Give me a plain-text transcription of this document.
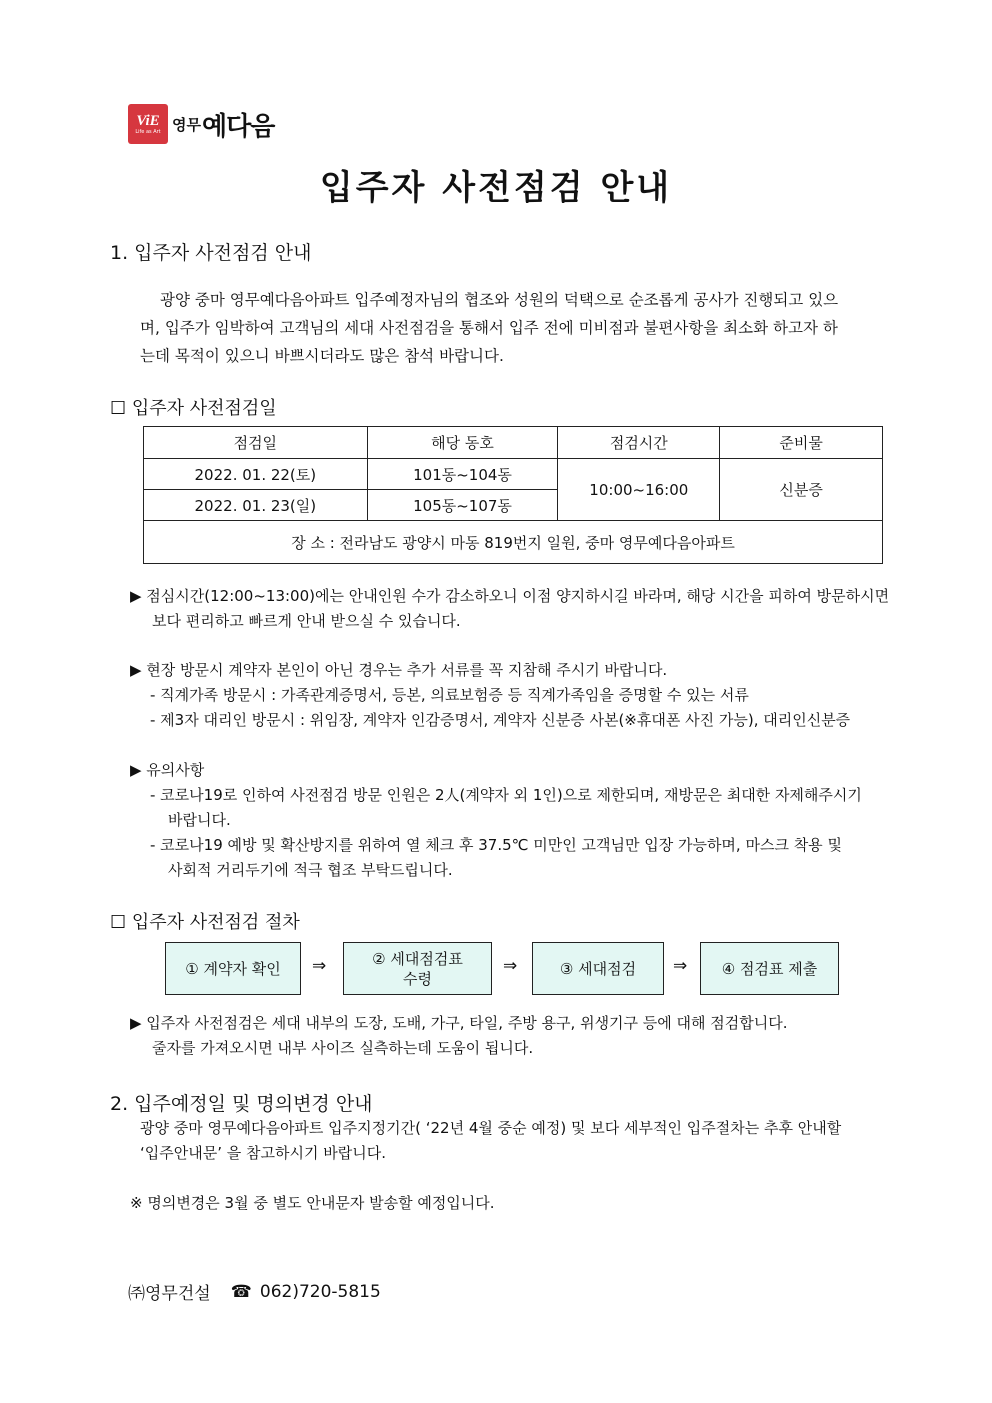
ViE
Life as Art 영무 예다음
입주자 사전점검 안내
1. 입주자 사전점검 안내
광양 중마 영무예다음아파트 입주예정자님의 협조와 성원의 덕택으로 순조롭게 공사가 진행되고 있으
며, 입주가 임박하여 고객님의 세대 사전점검을 통해서 입주 전에 미비점과 불편사항을 최소화 하고자 하
는데 목적이 있으니 바쁘시더라도 많은 참석 바랍니다.
☐ 입주자 사전점검일
점검일	해당 동호	점검시간	준비물
2022. 01. 22(토)	101동~104동	10:00~16:00	신분증
2022. 01. 23(일)	105동~107동		
장 소 : 전라남도 광양시 마동 819번지 일원, 중마 영무예다음아파트			
▶ 점심시간(12:00~13:00)에는 안내인원 수가 감소하오니 이점 양지하시길 바라며, 해당 시간을 피하여 방문하시면
보다 편리하고 빠르게 안내 받으실 수 있습니다.
▶ 현장 방문시 계약자 본인이 아닌 경우는 추가 서류를 꼭 지참해 주시기 바랍니다.
- 직계가족 방문시 : 가족관계증명서, 등본, 의료보험증 등 직계가족임을 증명할 수 있는 서류
- 제3자 대리인 방문시 : 위임장, 계약자 인감증명서, 계약자 신분증 사본(※휴대폰 사진 가능), 대리인신분증
▶ 유의사항
- 코로나19로 인하여 사전점검 방문 인원은 2人(계약자 외 1인)으로 제한되며, 재방문은 최대한 자제해주시기
바랍니다.
- 코로나19 예방 및 확산방지를 위하여 열 체크 후 37.5℃ 미만인 고객님만 입장 가능하며, 마스크 착용 및
사회적 거리두기에 적극 협조 부탁드립니다.
☐ 입주자 사전점검 절차
① 계약자 확인 ⇒	② 세대점검표
수령
⇒	③ 세대점검 ⇒ ④ 점검표 제출
▶ 입주자 사전점검은 세대 내부의 도장, 도배, 가구, 타일, 주방 용구, 위생기구 등에 대해 점검합니다.
줄자를 가져오시면 내부 사이즈 실측하는데 도움이 됩니다.
2. 입주예정일 및 명의변경 안내
광양 중마 영무예다음아파트 입주지정기간( ‘22년 4월 중순 예정) 및 보다 세부적인 입주절차는 추후 안내할
‘입주안내문’ 을 참고하시기 바랍니다.
※ 명의변경은 3월 중 별도 안내문자 발송할 예정입니다.
㈜영무건설 ☎ 062)720-5815
